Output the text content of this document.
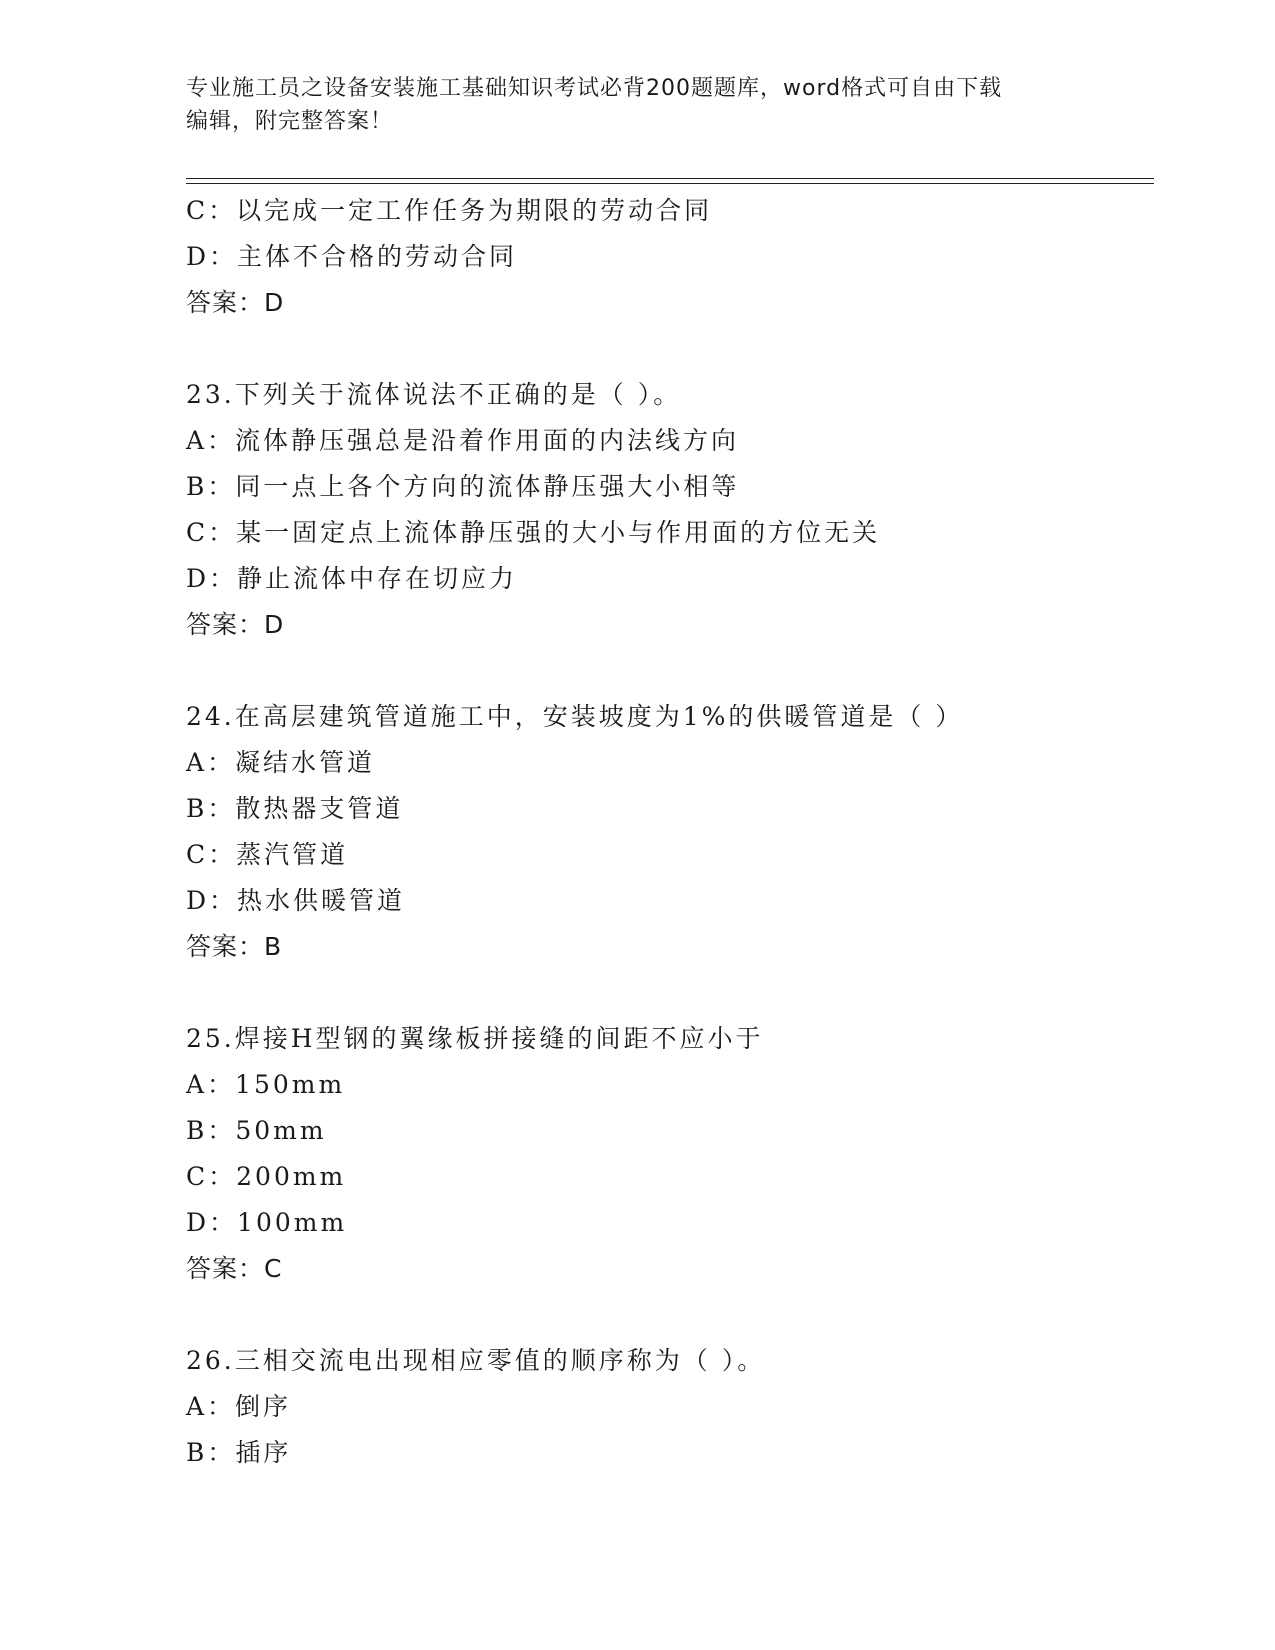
专业施工员之设备安装施工基础知识考试必背200题题库，word格式可自由下载
编辑，附完整答案！
C：以完成一定工作任务为期限的劳动合同
D：主体不合格的劳动合同
答案：D
23.下列关于流体说法不正确的是（ ）。
A：流体静压强总是沿着作用面的内法线方向
B：同一点上各个方向的流体静压强大小相等
C：某一固定点上流体静压强的大小与作用面的方位无关
D：静止流体中存在切应力
答案：D
24.在高层建筑管道施工中，安装坡度为1%的供暖管道是（ ）
A：凝结水管道
B：散热器支管道
C：蒸汽管道
D：热水供暖管道
答案：B
25.焊接H型钢的翼缘板拼接缝的间距不应小于
A：150mm
B：50mm
C：200mm
D：100mm
答案：C
26.三相交流电出现相应零值的顺序称为（ ）。
A：倒序
B：插序
